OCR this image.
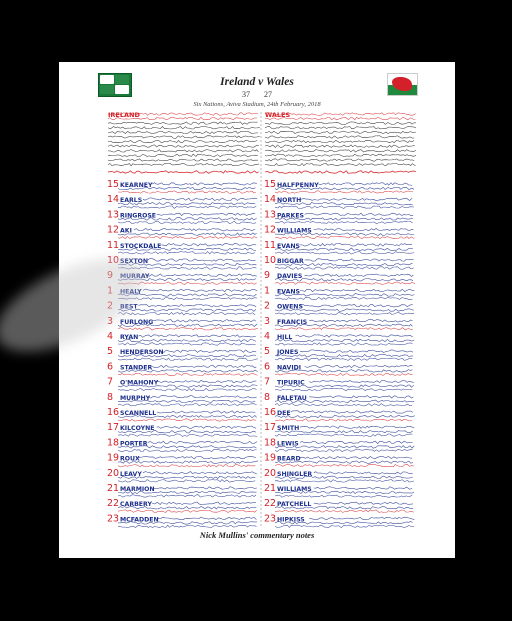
Ireland v Wales
37 27
Six Nations, Aviva Stadium, 24th February, 2018
IRELAND	WALES
15 KEARNEY	15 HALFPENNY
14 EARLS	14 NORTH
13 RINGROSE	13 PARKES
12 AKI	12 WILLIAMS
11 STOCKDALE	11 EVANS
10 SEXTON	10 BIGGAR
9 MURRAY	9 DAVIES
1 HEALY	1 EVANS
2 BEST	2 OWENS
3 FURLONG	3 FRANCIS
4 RYAN	4 HILL
5 HENDERSON	5 JONES
6 STANDER	6 NAVIDI
7 O'MAHONY	7 TIPURIC
8 MURPHY	8 FALETAU
16 SCANNELL	16 DEE
17 KILCOYNE	17 SMITH
18 PORTER	18 LEWIS
19 ROUX	19 BEARD
20 LEAVY	20 SHINGLER
21 MARMION	21 WILLIAMS
22 CARBERY	22 PATCHELL
23 MCFADDEN	23 HIPKISS
Nick Mullins' commentary notes
